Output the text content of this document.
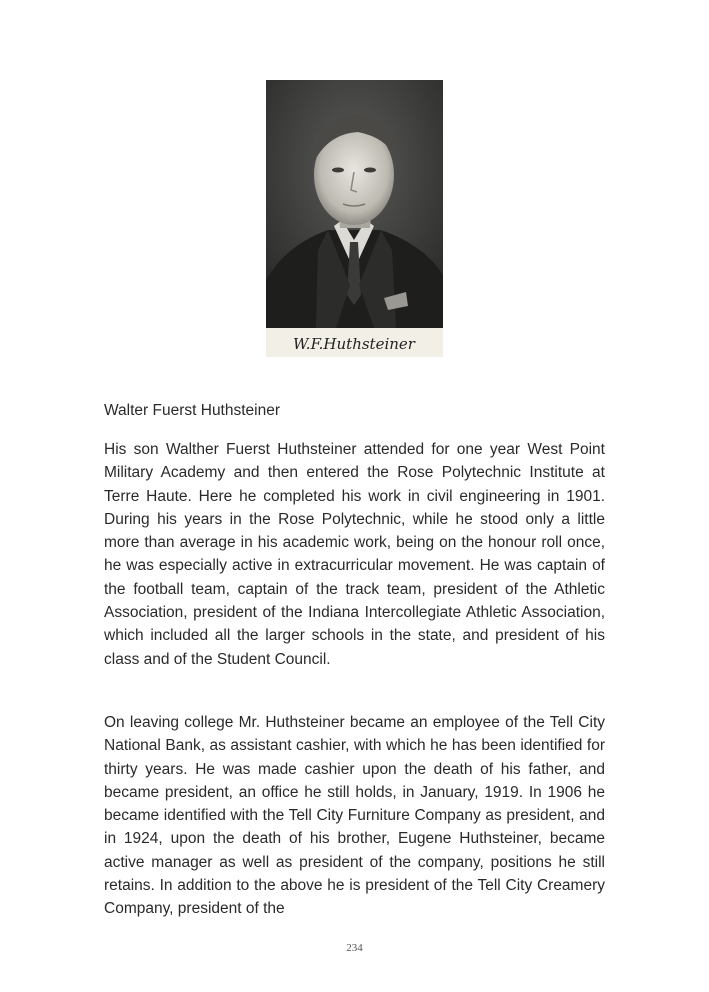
W.F.Huthsteiner

Walter Fuerst Huthsteiner

His son Walther Fuerst Huthsteiner attended for one year West Point Military Academy and then entered the Rose Polytechnic Institute at Terre Haute. Here he completed his work in civil engineering in 1901. During his years in the Rose Polytechnic, while he stood only a little more than average in his academic work, being on the honour roll once, he was especially active in extracurricular movement. He was captain of the football team, captain of the track team, president of the Athletic Association, president of the Indiana Intercollegiate Athletic Association, which included all the larger schools in the state, and president of his class and of the Student Council.

On leaving college Mr. Huthsteiner became an employee of the Tell City National Bank, as assistant cashier, with which he has been identified for thirty years. He was made cashier upon the death of his father, and became president, an office he still holds, in January, 1919. In 1906 he became identified with the Tell City Furniture Company as president, and in 1924, upon the death of his brother, Eugene Huthsteiner, became active manager as well as president of the company, positions he still retains. In addition to the above he is president of the Tell City Creamery Company, president of the

234
